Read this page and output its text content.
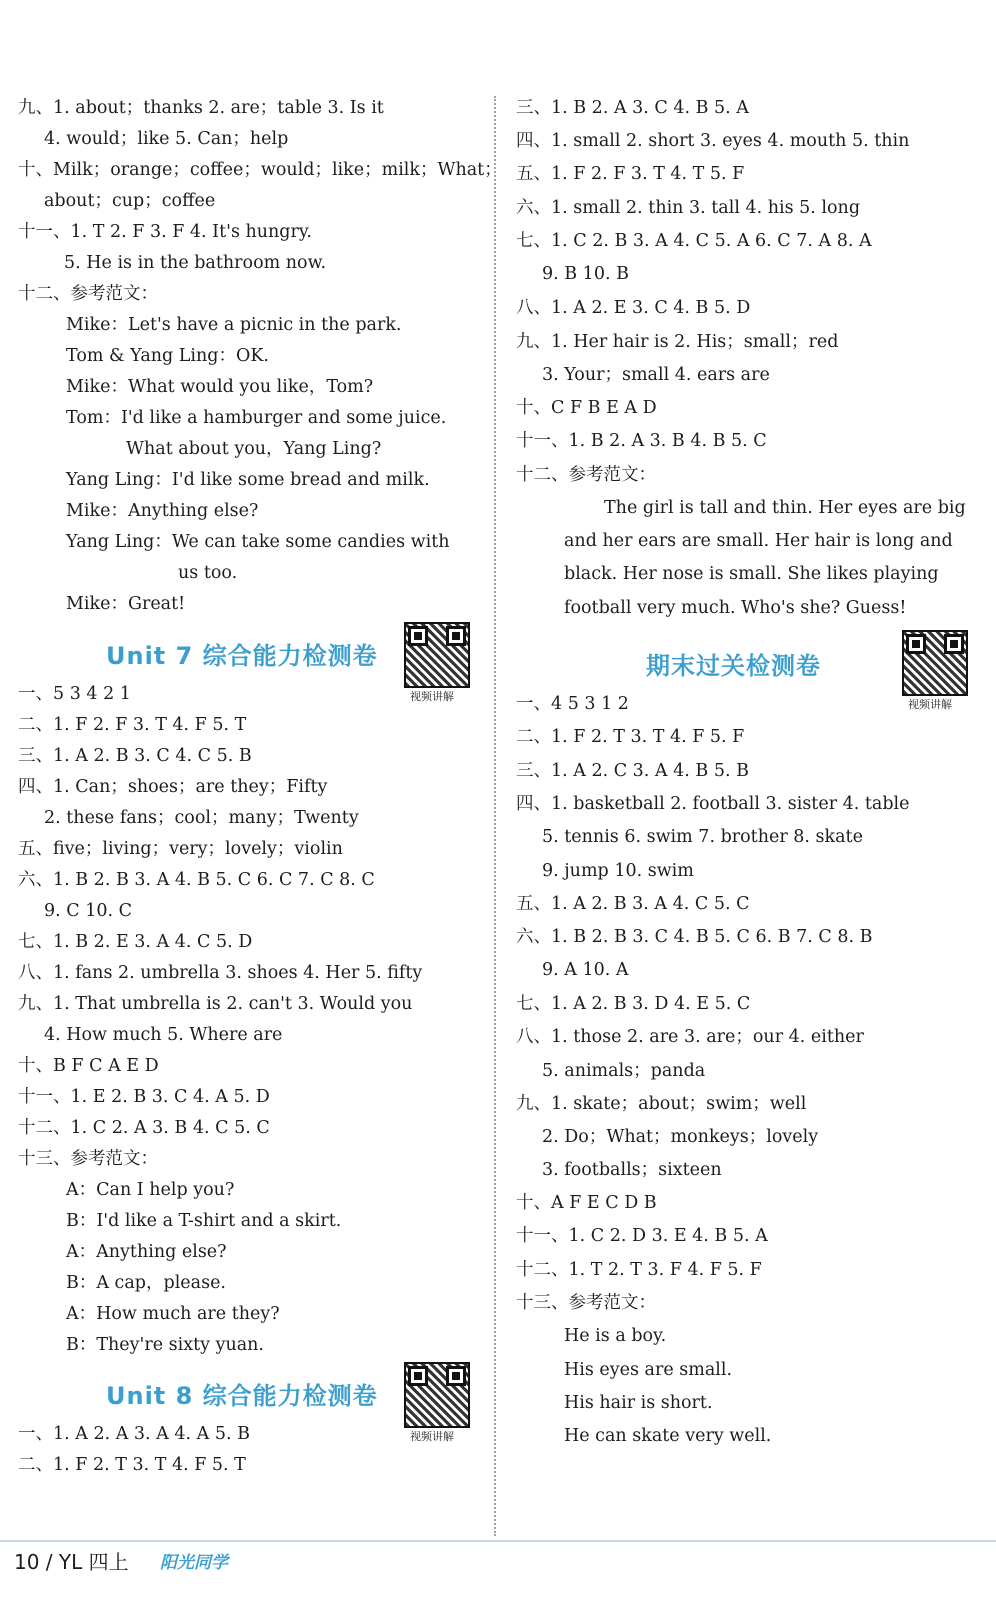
九、1. about；thanks 2. are；table 3. Is it
4. would；like 5. Can；help
十、Milk；orange；coffee；would；like；milk；What；
about；cup；coffee
十一、1. T 2. F 3. F 4. It's hungry.
5. He is in the bathroom now.
十二、参考范文：
Mike：Let's have a picnic in the park.
Tom & Yang Ling：OK.
Mike：What would you like，Tom?
Tom：I'd like a hamburger and some juice.
What about you，Yang Ling?
Yang Ling：I'd like some bread and milk.
Mike：Anything else?
Yang Ling：We can take some candies with
us too.
Mike：Great!
Unit 7 综合能力检测卷
视频讲解
一、5 3 4 2 1
二、1. F 2. F 3. T 4. F 5. T
三、1. A 2. B 3. C 4. C 5. B
四、1. Can；shoes；are they；Fifty
2. these fans；cool；many；Twenty
五、five；living；very；lovely；violin
六、1. B 2. B 3. A 4. B 5. C 6. C 7. C 8. C
9. C 10. C
七、1. B 2. E 3. A 4. C 5. D
八、1. fans 2. umbrella 3. shoes 4. Her 5. fifty
九、1. That umbrella is 2. can't 3. Would you
4. How much 5. Where are
十、B F C A E D
十一、1. E 2. B 3. C 4. A 5. D
十二、1. C 2. A 3. B 4. C 5. C
十三、参考范文：
A：Can I help you?
B：I'd like a T-shirt and a skirt.
A：Anything else?
B：A cap，please.
A：How much are they?
B：They're sixty yuan.
Unit 8 综合能力检测卷
视频讲解
一、1. A 2. A 3. A 4. A 5. B
二、1. F 2. T 3. T 4. F 5. T
三、1. B 2. A 3. C 4. B 5. A
四、1. small 2. short 3. eyes 4. mouth 5. thin
五、1. F 2. F 3. T 4. T 5. F
六、1. small 2. thin 3. tall 4. his 5. long
七、1. C 2. B 3. A 4. C 5. A 6. C 7. A 8. A
9. B 10. B
八、1. A 2. E 3. C 4. B 5. D
九、1. Her hair is 2. His；small；red
3. Your；small 4. ears are
十、C F B E A D
十一、1. B 2. A 3. B 4. B 5. C
十二、参考范文：
The girl is tall and thin. Her eyes are big
and her ears are small. Her hair is long and
black. Her nose is small. She likes playing
football very much. Who's she? Guess!
期末过关检测卷
视频讲解
一、4 5 3 1 2
二、1. F 2. T 3. T 4. F 5. F
三、1. A 2. C 3. A 4. B 5. B
四、1. basketball 2. football 3. sister 4. table
5. tennis 6. swim 7. brother 8. skate
9. jump 10. swim
五、1. A 2. B 3. A 4. C 5. C
六、1. B 2. B 3. C 4. B 5. C 6. B 7. C 8. B
9. A 10. A
七、1. A 2. B 3. D 4. E 5. C
八、1. those 2. are 3. are；our 4. either
5. animals；panda
九、1. skate；about；swim；well
2. Do；What；monkeys；lovely
3. footballs；sixteen
十、A F E C D B
十一、1. C 2. D 3. E 4. B 5. A
十二、1. T 2. T 3. F 4. F 5. F
十三、参考范文：
He is a boy.
His eyes are small.
His hair is short.
He can skate very well.
10 / YL 四上 阳光同学
